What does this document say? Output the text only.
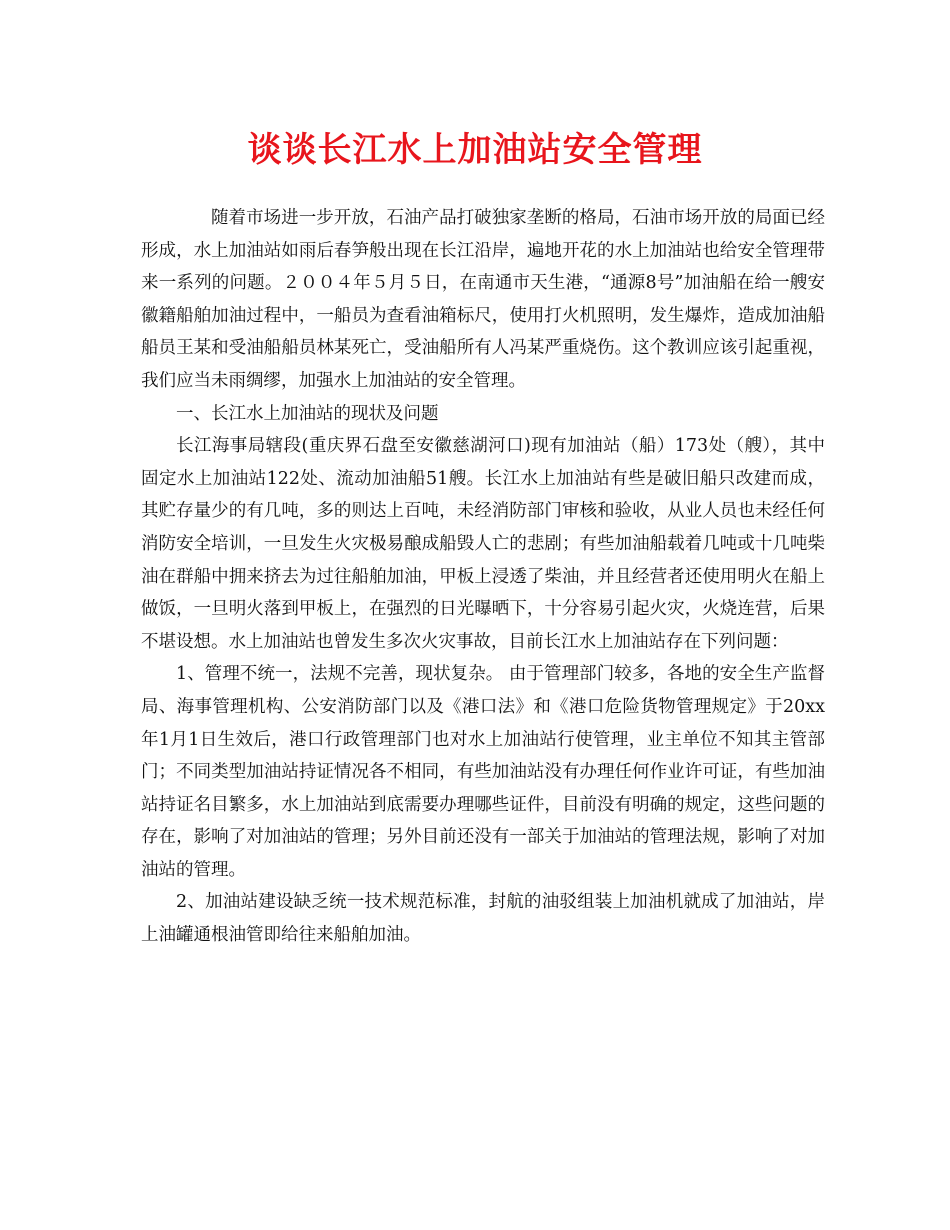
谈谈长江水上加油站安全管理

随着市场进一步开放，石油产品打破独家垄断的格局，石油市场开放的局面已经形成，水上加油站如雨后春笋般出现在长江沿岸，遍地开花的水上加油站也给安全管理带来一系列的问题。２００４年５月５日，在南通市天生港，“通源8号”加油船在给一艘安徽籍船舶加油过程中，一船员为查看油箱标尺，使用打火机照明，发生爆炸，造成加油船船员王某和受油船船员林某死亡，受油船所有人冯某严重烧伤。这个教训应该引起重视，我们应当未雨绸缪，加强水上加油站的安全管理。

一、长江水上加油站的现状及问题

长江海事局辖段(重庆界石盘至安徽慈湖河口)现有加油站（船）173处（艘），其中固定水上加油站122处、流动加油船51艘。长江水上加油站有些是破旧船只改建而成，其贮存量少的有几吨，多的则达上百吨，未经消防部门审核和验收，从业人员也未经任何消防安全培训，一旦发生火灾极易酿成船毁人亡的悲剧；有些加油船载着几吨或十几吨柴油在群船中拥来挤去为过往船舶加油，甲板上浸透了柴油，并且经营者还使用明火在船上做饭，一旦明火落到甲板上，在强烈的日光曝晒下，十分容易引起火灾，火烧连营，后果不堪设想。水上加油站也曾发生多次火灾事故，目前长江水上加油站存在下列问题：

1、管理不统一，法规不完善，现状复杂。 由于管理部门较多，各地的安全生产监督局、海事管理机构、公安消防部门以及《港口法》和《港口危险货物管理规定》于20xx年1月1日生效后，港口行政管理部门也对水上加油站行使管理，业主单位不知其主管部门；不同类型加油站持证情况各不相同，有些加油站没有办理任何作业许可证，有些加油站持证名目繁多，水上加油站到底需要办理哪些证件，目前没有明确的规定，这些问题的存在，影响了对加油站的管理；另外目前还没有一部关于加油站的管理法规，影响了对加油站的管理。

2、加油站建设缺乏统一技术规范标准，封航的油驳组装上加油机就成了加油站，岸上油罐通根油管即给往来船舶加油。
